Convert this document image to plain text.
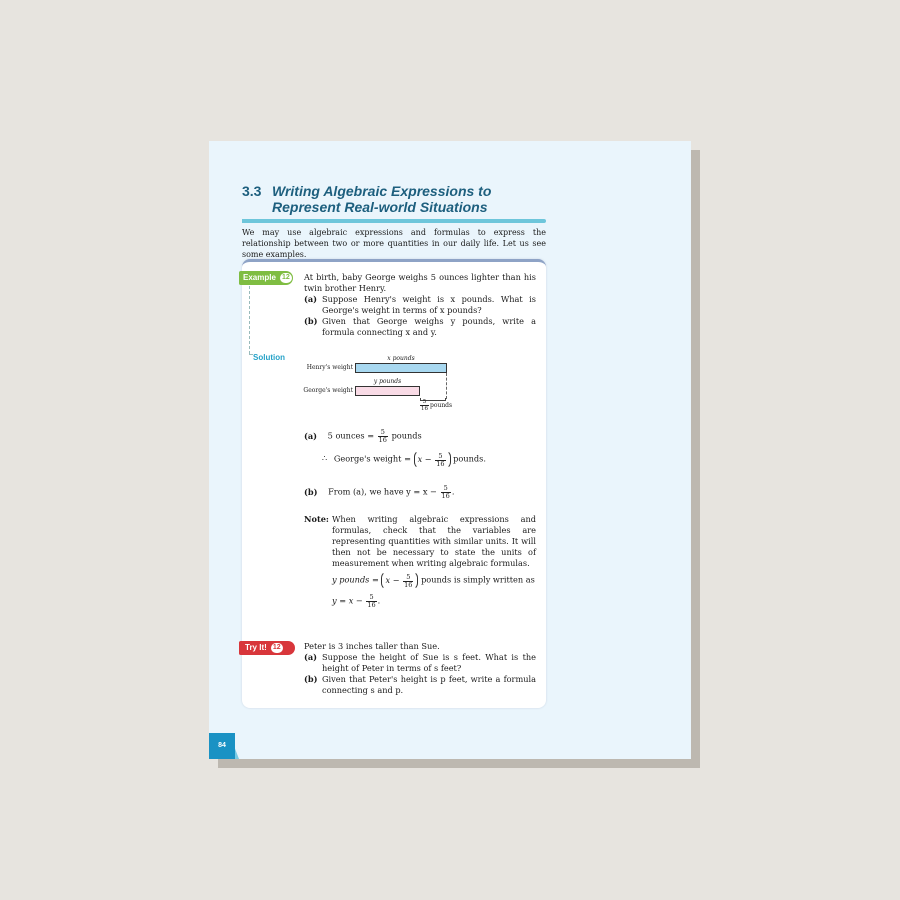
3.3 Writing Algebraic Expressions to
Represent Real-world Situations
We may use algebraic expressions and formulas to express the relationship between two or more quantities in our daily life. Let us see some examples.
Example 12
Solution
At birth, baby George weighs 5 ounces lighter than his twin brother Henry.
(a) Suppose Henry's weight is x pounds. What is George's weight in terms of x pounds?
(b) Given that George weighs y pounds, write a formula connecting x and y.
Henry's weight
George's weight
x pounds
y pounds
$\frac{5}{16}$ pounds
(a) 5 ounces = $\frac{5}{16}$ pounds
∴ George's weight = $x - \frac{5}{16}$ pounds.
(b) From (a), we have $y = x - \frac{5}{16}$ .
Note: When writing algebraic expressions and formulas, check that the variables are representing quantities with similar units. It will then not be necessary to state the units of measurement when writing algebraic formulas.
y pounds = $x - \frac{5}{16}$ pounds is simply written as
$y = x - \frac{5}{16}$ .
Try It! 12	Peter is 3 inches taller than Sue.
(a) Suppose the height of Sue is s feet. What is the height of Peter in terms of s feet?
(b) Given that Peter's height is p feet, write a formula connecting s and p.
84
